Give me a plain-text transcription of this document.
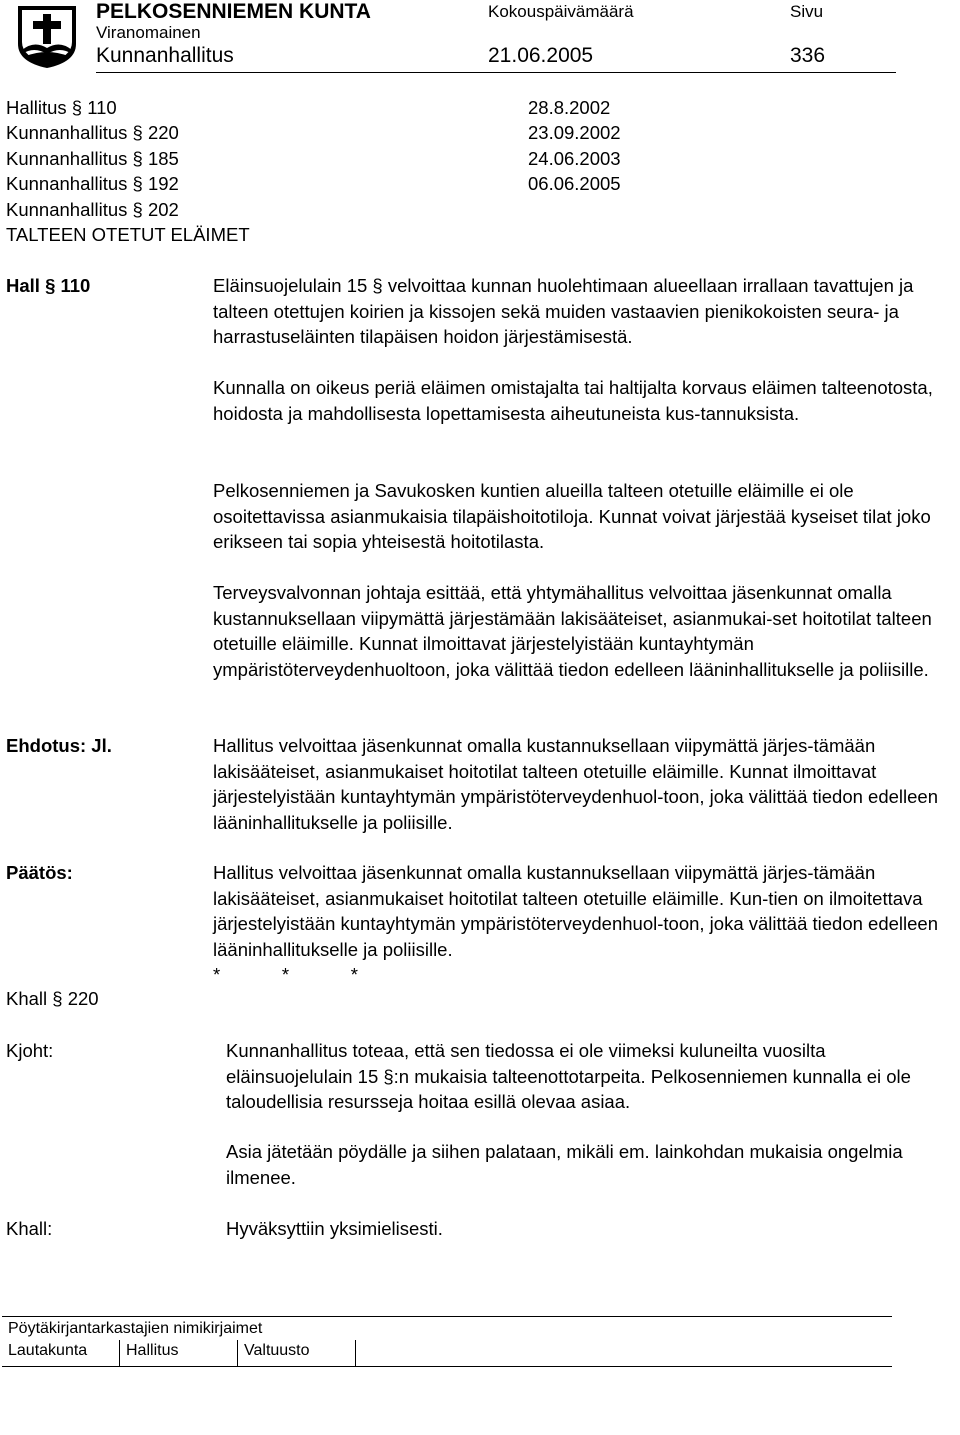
PELKOSENNIEMEN KUNTA
Viranomainen
Kunnanhallitus
Kokouspäivämäärä
21.06.2005
Sivu
336
Hallitus § 110	28.8.2002
Kunnanhallitus § 220	23.09.2002
Kunnanhallitus § 185	24.06.2003
Kunnanhallitus § 192	06.06.2005
Kunnanhallitus § 202
TALTEEN OTETUT ELÄIMET
Hall § 110	Eläinsuojelulain 15 § velvoittaa kunnan huolehtimaan alueellaan irrallaan tavattujen ja talteen otettujen koirien ja kissojen sekä muiden vastaavien pienikokoisten seura- ja harrastuseläinten tilapäisen hoidon järjestämisestä.
Kunnalla on oikeus periä eläimen omistajalta tai haltijalta korvaus eläimen talteenotosta, hoidosta ja mahdollisesta lopettamisesta aiheutuneista kus-tannuksista.
Pelkosenniemen ja Savukosken kuntien alueilla talteen otetuille eläimille ei ole osoitettavissa asianmukaisia tilapäishoitotiloja. Kunnat voivat järjestää kyseiset tilat joko erikseen tai sopia yhteisestä hoitotilasta.
Terveysvalvonnan johtaja esittää, että yhtymähallitus velvoittaa jäsenkunnat omalla kustannuksellaan viipymättä järjestämään lakisääteiset, asianmukai-set hoitotilat talteen otetuille eläimille. Kunnat ilmoittavat järjestelyistään kuntayhtymän ympäristöterveydenhuoltoon, joka välittää tiedon edelleen lääninhallitukselle ja poliisille.
Ehdotus: Jl.	Hallitus velvoittaa jäsenkunnat omalla kustannuksellaan viipymättä järjes-tämään lakisääteiset, asianmukaiset hoitotilat talteen otetuille eläimille. Kunnat ilmoittavat järjestelyistään kuntayhtymän ympäristöterveydenhuol-toon, joka välittää tiedon edelleen lääninhallitukselle ja poliisille.
Päätös:	Hallitus velvoittaa jäsenkunnat omalla kustannuksellaan viipymättä järjes-tämään lakisääteiset, asianmukaiset hoitotilat talteen otetuille eläimille. Kun-tien on ilmoitettava järjestelyistään kuntayhtymän ympäristöterveydenhuol-toon, joka välittää tiedon edelleen lääninhallitukselle ja poliisille.
*            *            *
Khall § 220
Kjoht:	Kunnanhallitus toteaa, että sen tiedossa ei ole viimeksi kuluneilta vuosilta eläinsuojelulain 15 §:n mukaisia talteenottotarpeita. Pelkosenniemen kunnalla ei ole taloudellisia resursseja hoitaa esillä olevaa asiaa.
Asia jätetään pöydälle ja siihen palataan, mikäli em. lainkohdan mukaisia ongelmia ilmenee.
Khall:	Hyväksyttiin yksimielisesti.
Pöytäkirjantarkastajien nimikirjaimet
Lautakunta	Hallitus	Valtuusto
